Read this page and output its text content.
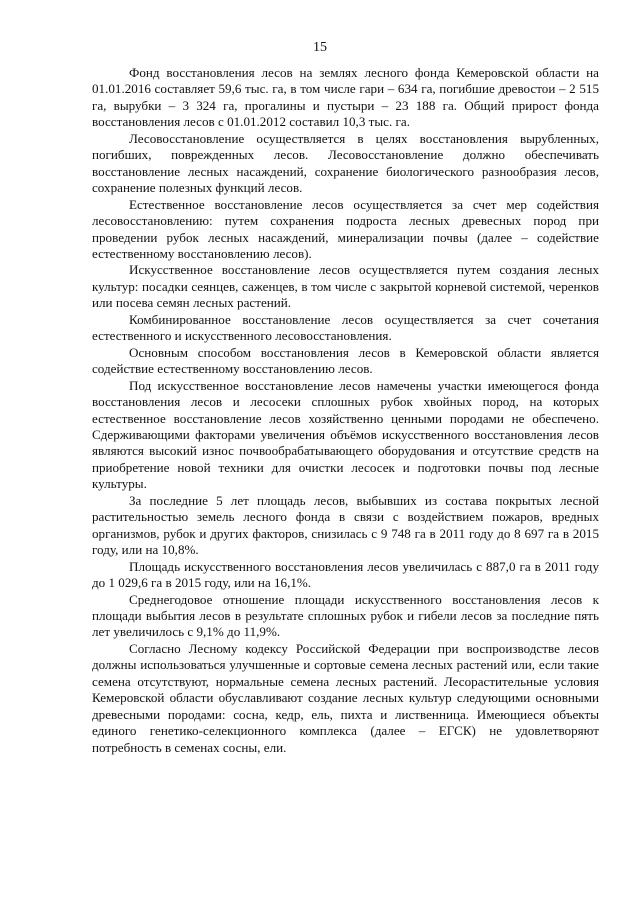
15

Фонд восстановления лесов на землях лесного фонда Кемеровской области на 01.01.2016 составляет 59,6 тыс. га, в том числе гари – 634 га, погибшие древостои – 2 515 га, вырубки – 3 324 га, прогалины и пустыри – 23 188 га. Общий прирост фонда восстановления лесов с 01.01.2012 составил 10,3 тыс. га.

Лесовосстановление осуществляется в целях восстановления вырубленных, погибших, поврежденных лесов. Лесовосстановление должно обеспечивать восстановление лесных насаждений, сохранение биологического разнообразия лесов, сохранение полезных функций лесов.

Естественное восстановление лесов осуществляется за счет мер содействия лесовосстановлению: путем сохранения подроста лесных древесных пород при проведении рубок лесных насаждений, минерализации почвы (далее – содействие естественному восстановлению лесов).

Искусственное восстановление лесов осуществляется путем создания лесных культур: посадки сеянцев, саженцев, в том числе с закрытой корневой системой, черенков или посева семян лесных растений.

Комбинированное восстановление лесов осуществляется за счет сочетания естественного и искусственного лесовосстановления.

Основным способом восстановления лесов в Кемеровской области является содействие естественному восстановлению лесов.

Под искусственное восстановление лесов намечены участки имеющегося фонда восстановления лесов и лесосеки сплошных рубок хвойных пород, на которых естественное восстановление лесов хозяйственно ценными породами не обеспечено. Сдерживающими факторами увеличения объёмов искусственного восстановления лесов являются высокий износ почвообрабатывающего оборудования и отсутствие средств на приобретение новой техники для очистки лесосек и подготовки почвы под лесные культуры.

За последние 5 лет площадь лесов, выбывших из состава покрытых лесной растительностью земель лесного фонда в связи с воздействием пожаров, вредных организмов, рубок и других факторов, снизилась с 9 748 га в 2011 году до 8 697 га в 2015 году, или на 10,8%.

Площадь искусственного восстановления лесов увеличилась с 887,0 га в 2011 году до 1 029,6 га в 2015 году, или на 16,1%.

Среднегодовое отношение площади искусственного восстановления лесов к площади выбытия лесов в результате сплошных рубок и гибели лесов за последние пять лет увеличилось с 9,1% до 11,9%.

Согласно Лесному кодексу Российской Федерации при воспроизводстве лесов должны использоваться улучшенные и сортовые семена лесных растений или, если такие семена отсутствуют, нормальные семена лесных растений. Лесорастительные условия Кемеровской области обуславливают создание лесных культур следующими основными древесными породами: сосна, кедр, ель, пихта и лиственница. Имеющиеся объекты единого генетико-селекционного комплекса (далее – ЕГСК) не удовлетворяют потребность в семенах сосны, ели.
